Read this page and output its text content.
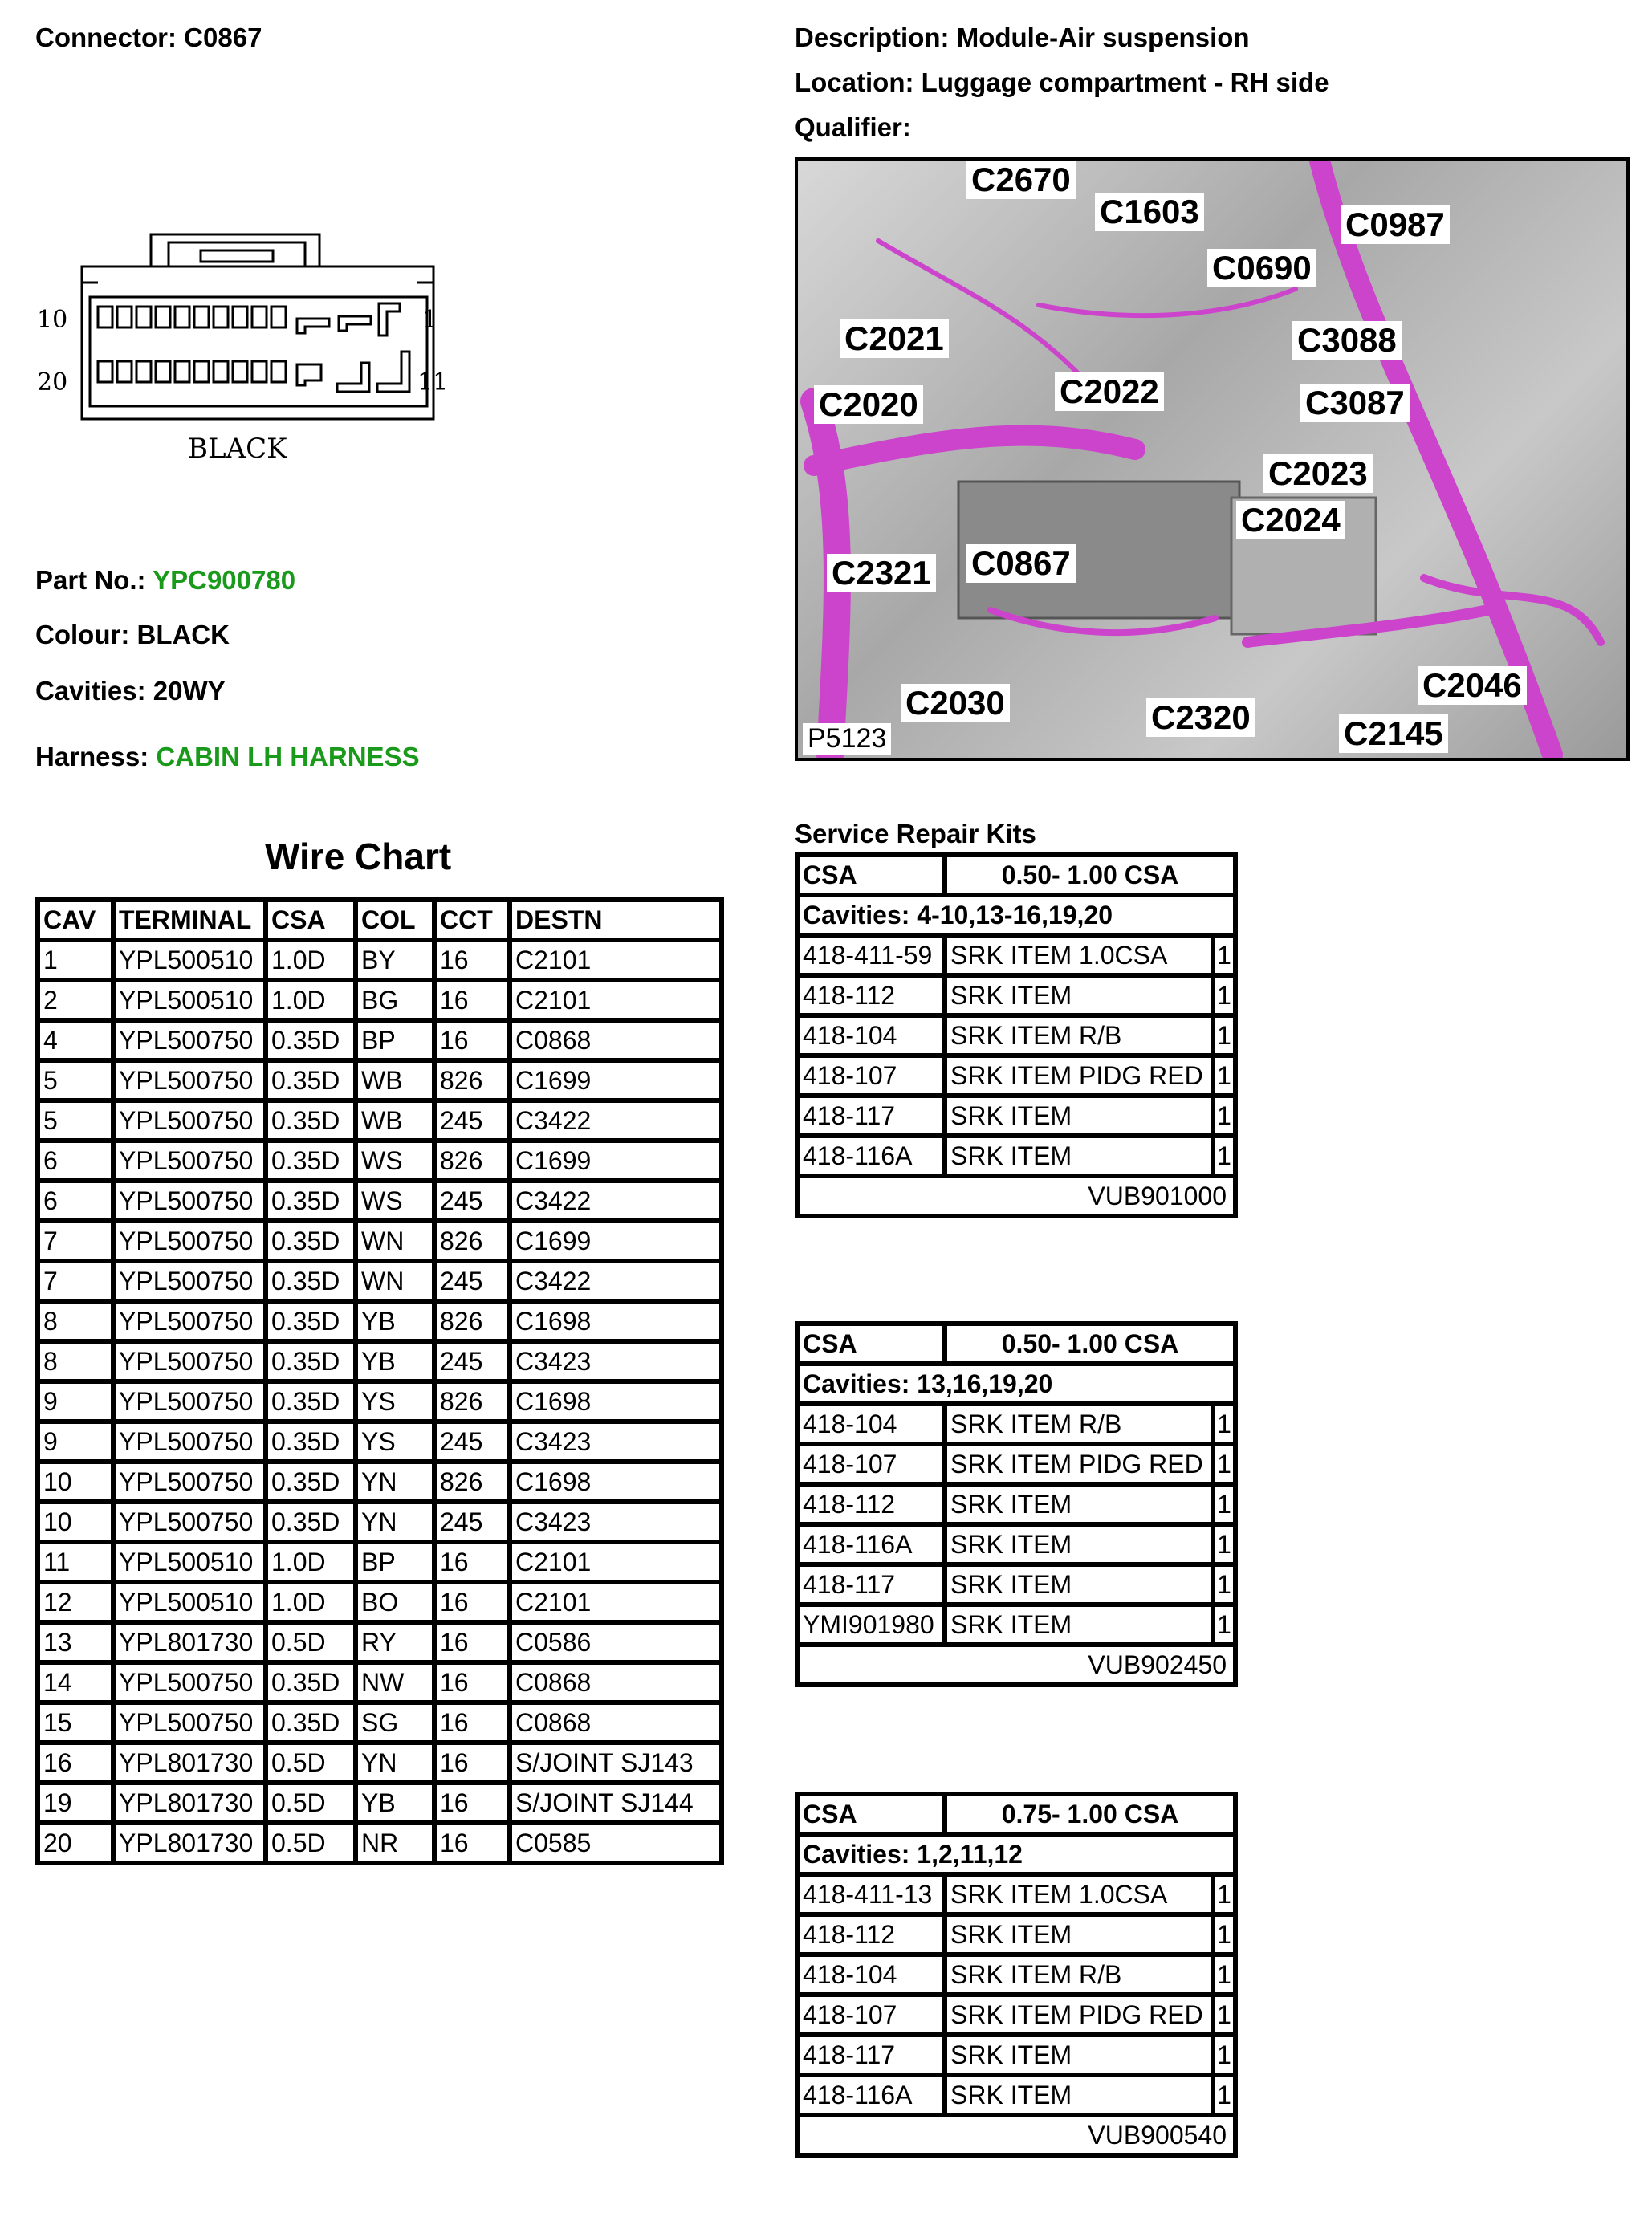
Connector: C0867	Description: Module-Air suspension
Location: Luggage compartment - RH side
Qualifier:
10	1
20	11
BLACK
Part No.: YPC900780
Colour: BLACK
Cavities: 20WY
Harness: CABIN LH HARNESS
C2670
C1603	C0987
C0690
C2021	C3088
C2020	C2022	C3087
C2023
C2024
C2321 C0867
C2046
C2030	C2320	C2145
P5123
Wire Chart
CAV	TERMINAL	CSA	COL	CCT	DESTN
1	YPL500510	1.0D	BY	16	C2101
2	YPL500510	1.0D	BG	16	C2101
4	YPL500750	0.35D	BP	16	C0868
5	YPL500750	0.35D	WB	826	C1699
5	YPL500750	0.35D	WB	245	C3422
6	YPL500750	0.35D	WS	826	C1699
6	YPL500750	0.35D	WS	245	C3422
7	YPL500750	0.35D	WN	826	C1699
7	YPL500750	0.35D	WN	245	C3422
8	YPL500750	0.35D	YB	826	C1698
8	YPL500750	0.35D	YB	245	C3423
9	YPL500750	0.35D	YS	826	C1698
9	YPL500750	0.35D	YS	245	C3423
10	YPL500750	0.35D	YN	826	C1698
10	YPL500750	0.35D	YN	245	C3423
11	YPL500510	1.0D	BP	16	C2101
12	YPL500510	1.0D	BO	16	C2101
13	YPL801730	0.5D	RY	16	C0586
14	YPL500750	0.35D	NW	16	C0868
15	YPL500750	0.35D	SG	16	C0868
16	YPL801730	0.5D	YN	16	S/JOINT SJ143
19	YPL801730	0.5D	YB	16	S/JOINT SJ144
20	YPL801730	0.5D	NR	16	C0585
Service Repair Kits
CSA	0.50- 1.00 CSA	
Cavities: 4-10,13-16,19,20		
418-411-59	SRK ITEM 1.0CSA	1
418-112	SRK ITEM	1
418-104	SRK ITEM R/B	1
418-107	SRK ITEM PIDG RED	1
418-117	SRK ITEM	1
418-116A	SRK ITEM	1
VUB901000		
CSA	0.50- 1.00 CSA	
Cavities: 13,16,19,20		
418-104	SRK ITEM R/B	1
418-107	SRK ITEM PIDG RED	1
418-112	SRK ITEM	1
418-116A	SRK ITEM	1
418-117	SRK ITEM	1
YMI901980	SRK ITEM	1
VUB902450		
CSA	0.75- 1.00 CSA	
Cavities: 1,2,11,12		
418-411-13	SRK ITEM 1.0CSA	1
418-112	SRK ITEM	1
418-104	SRK ITEM R/B	1
418-107	SRK ITEM PIDG RED	1
418-117	SRK ITEM	1
418-116A	SRK ITEM	1
VUB900540		
